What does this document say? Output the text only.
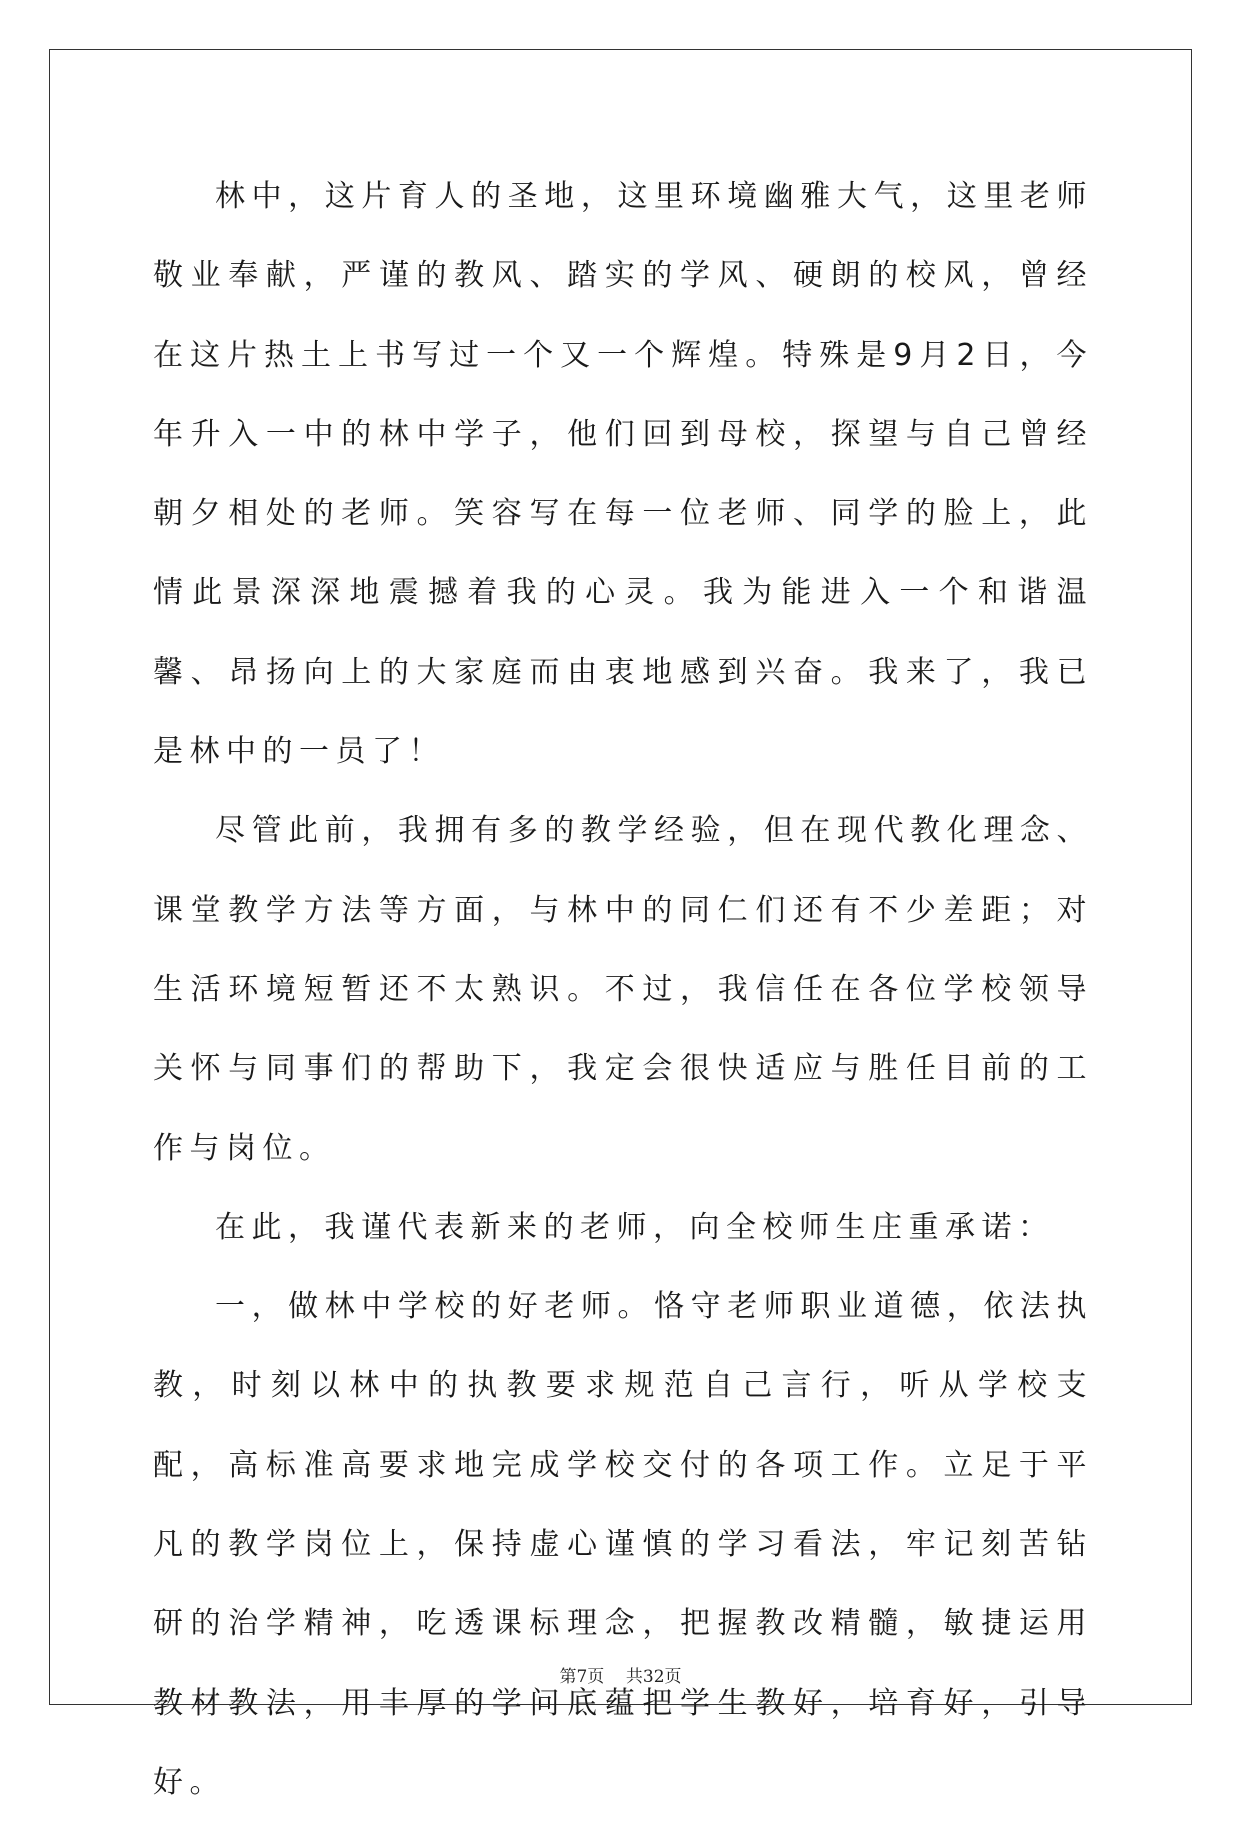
林中，这片育人的圣地，这里环境幽雅大气，这里老师敬业奉献，严谨的教风、踏实的学风、硬朗的校风，曾经在这片热土上书写过一个又一个辉煌。特殊是9月2日，今年升入一中的林中学子，他们回到母校，探望与自己曾经朝夕相处的老师。笑容写在每一位老师、同学的脸上，此情此景深深地震撼着我的心灵。我为能进入一个和谐温馨、昂扬向上的大家庭而由衷地感到兴奋。我来了，我已是林中的一员了！

尽管此前，我拥有多的教学经验，但在现代教化理念、课堂教学方法等方面，与林中的同仁们还有不少差距；对生活环境短暂还不太熟识。不过，我信任在各位学校领导关怀与同事们的帮助下，我定会很快适应与胜任目前的工作与岗位。

在此，我谨代表新来的老师，向全校师生庄重承诺：

一，做林中学校的好老师。恪守老师职业道德，依法执教，时刻以林中的执教要求规范自己言行，听从学校支配，高标准高要求地完成学校交付的各项工作。立足于平凡的教学岗位上，保持虚心谨慎的学习看法，牢记刻苦钻研的治学精神，吃透课标理念，把握教改精髓，敏捷运用教材教法，用丰厚的学问底蕴把学生教好，培育好，引导好。

第7页    共32页
